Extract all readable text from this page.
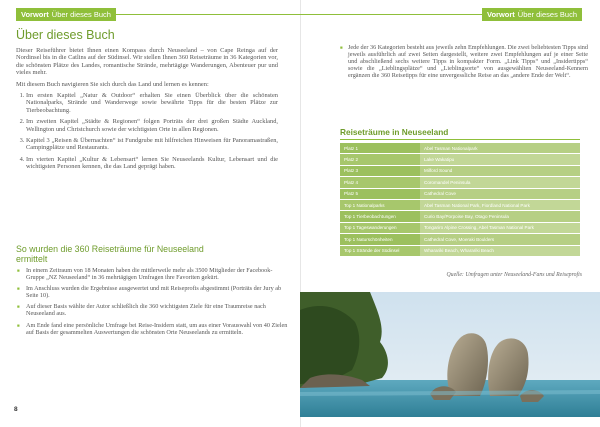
Vorwort Über dieses Buch
Über dieses Buch

Dieser Reiseführer bietet Ihnen einen Kompass durch Neuseeland – von Cape Reinga auf der Nordinsel bis in die Catlins auf der Südinsel. Wir stellen Ihnen 360 Reiseträume in 36 Kategorien vor, die schönsten Plätze des Landes, romantische Strände, mehrtägige Wanderungen, Abenteuer pur und vieles mehr.

Mit diesem Buch navigieren Sie sich durch das Land und lernen es kennen:

1. Im ersten Kapitel „Natur & Outdoor“ erhalten Sie einen Überblick über die schönsten Nationalparks, Strände und Wanderwege sowie bewährte Tipps für die besten Plätze zur Tierbeobachtung.
2. Im zweiten Kapitel „Städte & Regionen“ folgen Porträts der drei großen Städte Auckland, Wellington und Christchurch sowie der wichtigsten Orte in allen Regionen.
3. Kapitel 3 „Reisen & Übernachten“ ist Fundgrube mit hilfreichen Hinweisen für Panoramastraßen, Campingplätze und Restaurants.
4. Im vierten Kapitel „Kultur & Lebensart“ lernen Sie Neuseelands Kultur, Lebensart und die wichtigsten Personen kennen, die das Land geprägt haben.
So wurden die 360 Reiseträume für Neuseeland ermittelt
■ In einem Zeitraum von 18 Monaten haben die mittlerweile mehr als 3500 Mitglieder der Facebook-Gruppe „NZ Neuseeland“ in 36 mehrtägigen Umfragen ihre Favoriten gekürt.
■ Im Anschluss wurden die Ergebnisse ausgewertet und mit Reiseprofis abgestimmt (Porträts der Jury ab Seite 10).
■ Auf dieser Basis wählte der Autor schließlich die 360 wichtigsten Ziele für eine Traumreise nach Neuseeland aus.
■ Am Ende fand eine persönliche Umfrage bei Reise-Insidern statt, um aus einer Vorauswahl von 40 Zielen auf Basis der gesammelten Auswertungen die schönsten Orte Neuseelands zu ermitteln.
8
Vorwort Über dieses Buch
■ Jede der 36 Kategorien besteht aus jeweils zehn Empfehlungen. Die zwei beliebtesten Tipps sind jeweils ausführlich auf zwei Seiten dargestellt, weitere zwei Empfehlungen auf je einer Seite und abschließend sechs weitere Tipps in kompakter Form. „Link Tipps“ und „Insidertipps“ sowie die „Lieblingsplätze“ und „Lieblingsorte“ von ausgewählten Neuseeland-Kennern ergänzen die 360 Reisetipps für eine unvergessliche Reise an das „andere Ende der Welt“.
Reiseträume in Neuseeland
Platz 1	Abel Tasman Nationalpark
Platz 2	Lake Wakatipu
Platz 3	Milford Sound
Platz 4	Coromandel Peninsula
Platz 5	Cathedral Cove
Top 1 Nationalparks	Abel Tasman National Park, Fiordland National Park
Top 1 Tierbeobachtungen	Curio Bay/Porpoise Bay, Otago Peninsula
Top 1 Tageswanderungen	Tongariro Alpine Crossing, Abel Tasman National Park
Top 1 Naturschönheiten	Cathedral Cove, Moeraki Boulders
Top 1 Strände der Südinsel	Wharariki Beach, Wharariki Beach
Quelle: Umfragen unter Neuseeland-Fans und Reiseprofis
